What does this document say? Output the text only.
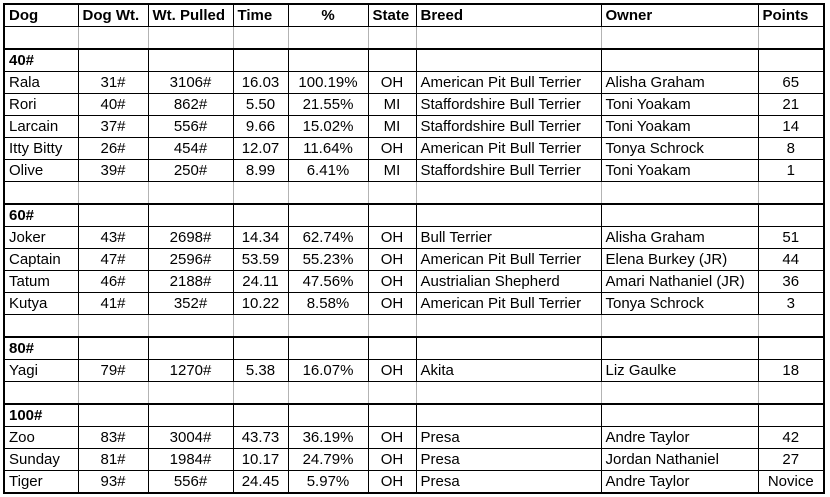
Dog	Dog Wt.	Wt. Pulled	Time	%	State	Breed	Owner	Points

40#								
Rala	31#	3106#	16.03	100.19%	OH	American Pit Bull Terrier	Alisha Graham	65
Rori	40#	862#	5.50	21.55%	MI	Staffordshire Bull Terrier	Toni Yoakam	21
Larcain	37#	556#	9.66	15.02%	MI	Staffordshire Bull Terrier	Toni Yoakam	14
Itty Bitty	26#	454#	12.07	11.64%	OH	American Pit Bull Terrier	Tonya Schrock	8
Olive	39#	250#	8.99	6.41%	MI	Staffordshire Bull Terrier	Toni Yoakam	1

60#								
Joker	43#	2698#	14.34	62.74%	OH	Bull Terrier	Alisha Graham	51
Captain	47#	2596#	53.59	55.23%	OH	American Pit Bull Terrier	Elena Burkey (JR)	44
Tatum	46#	2188#	24.11	47.56%	OH	Austrialian Shepherd	Amari Nathaniel (JR)	36
Kutya	41#	352#	10.22	8.58%	OH	American Pit Bull Terrier	Tonya Schrock	3

80#								
Yagi	79#	1270#	5.38	16.07%	OH	Akita	Liz Gaulke	18

100#								
Zoo	83#	3004#	43.73	36.19%	OH	Presa	Andre Taylor	42
Sunday	81#	1984#	10.17	24.79%	OH	Presa	Jordan Nathaniel	27
Tiger	93#	556#	24.45	5.97%	OH	Presa	Andre Taylor	Novice
